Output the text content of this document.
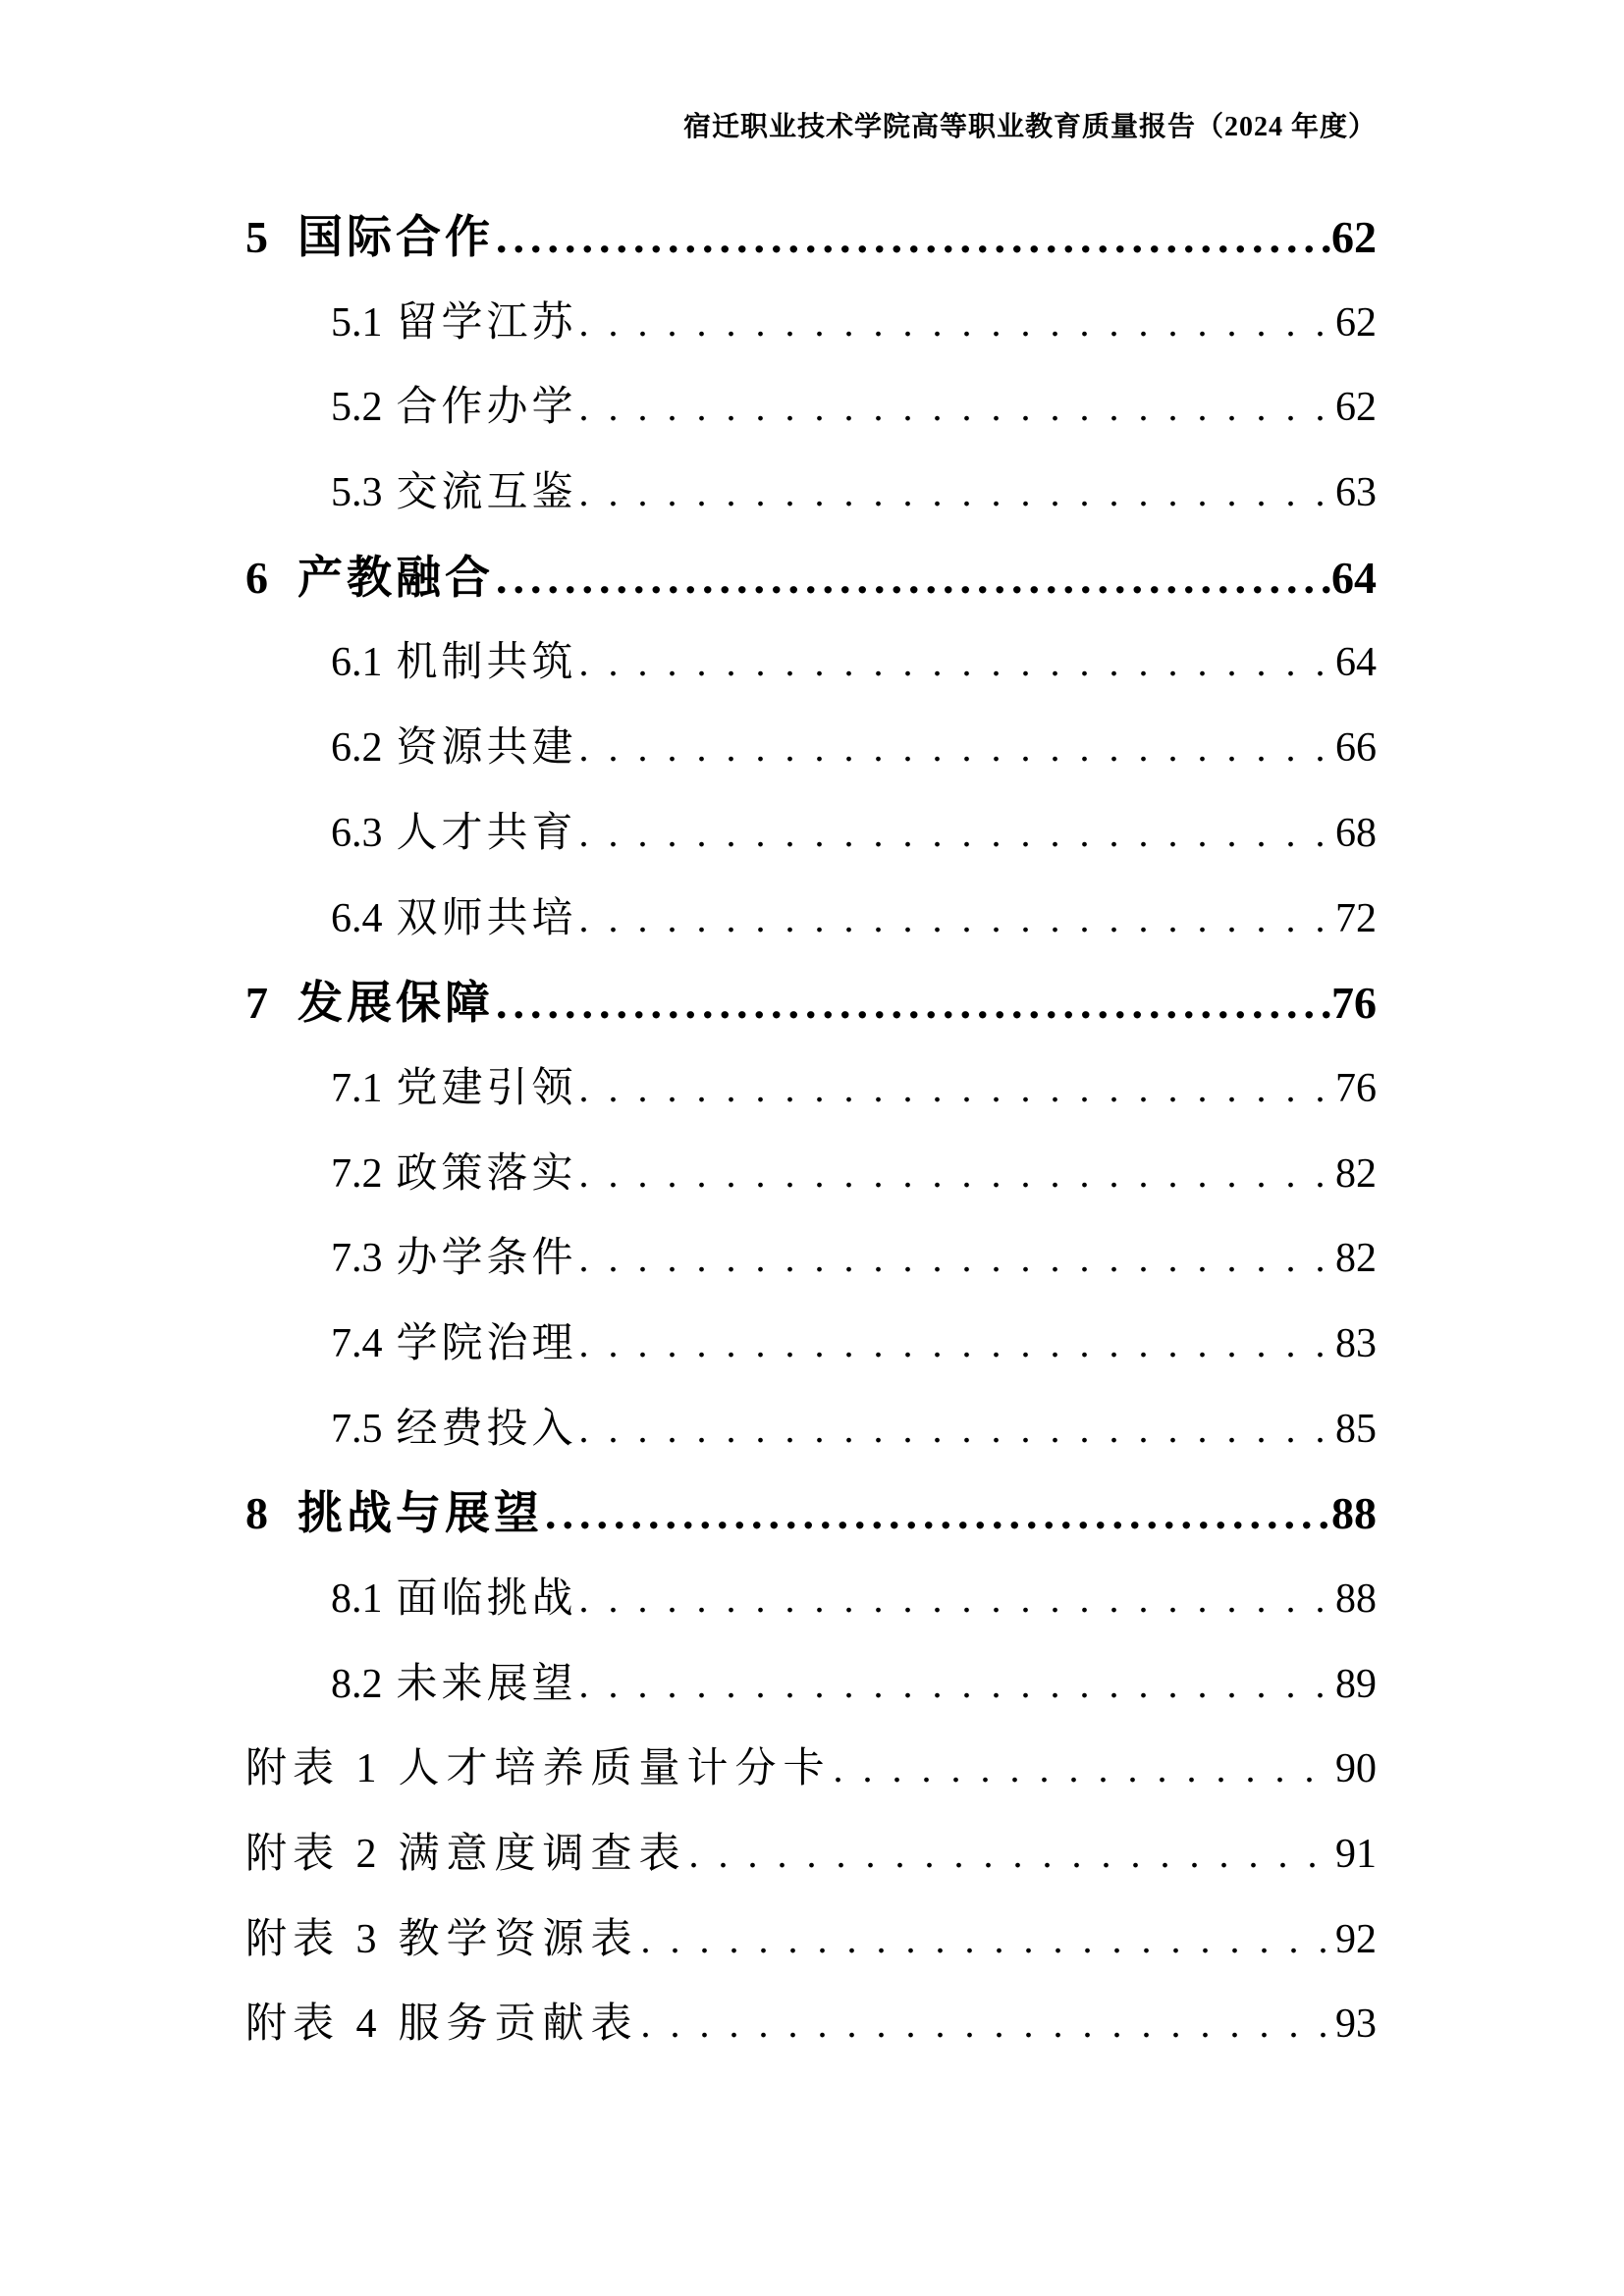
宿迁职业技术学院高等职业教育质量报告（2024 年度）
5 国际合作 .....	62
5.1 留学江苏 .....	62
5.2 合作办学 .....	62
5.3 交流互鉴 .....	63
6 产教融合 .....	64
6.1 机制共筑 .....	64
6.2 资源共建 .....	66
6.3 人才共育 .....	68
6.4 双师共培 .....	72
7 发展保障 .....	76
7.1 党建引领 .....	76
7.2 政策落实 .....	82
7.3 办学条件 .....	82
7.4 学院治理 .....	83
7.5 经费投入 .....	85
8 挑战与展望 .....	88
8.1 面临挑战 .....	88
8.2 未来展望 .....	89
附表 1 人才培养质量计分卡 .....	90
附表 2 满意度调查表 .....	91
附表 3 教学资源表 .....	92
附表 4 服务贡献表 .....	93
